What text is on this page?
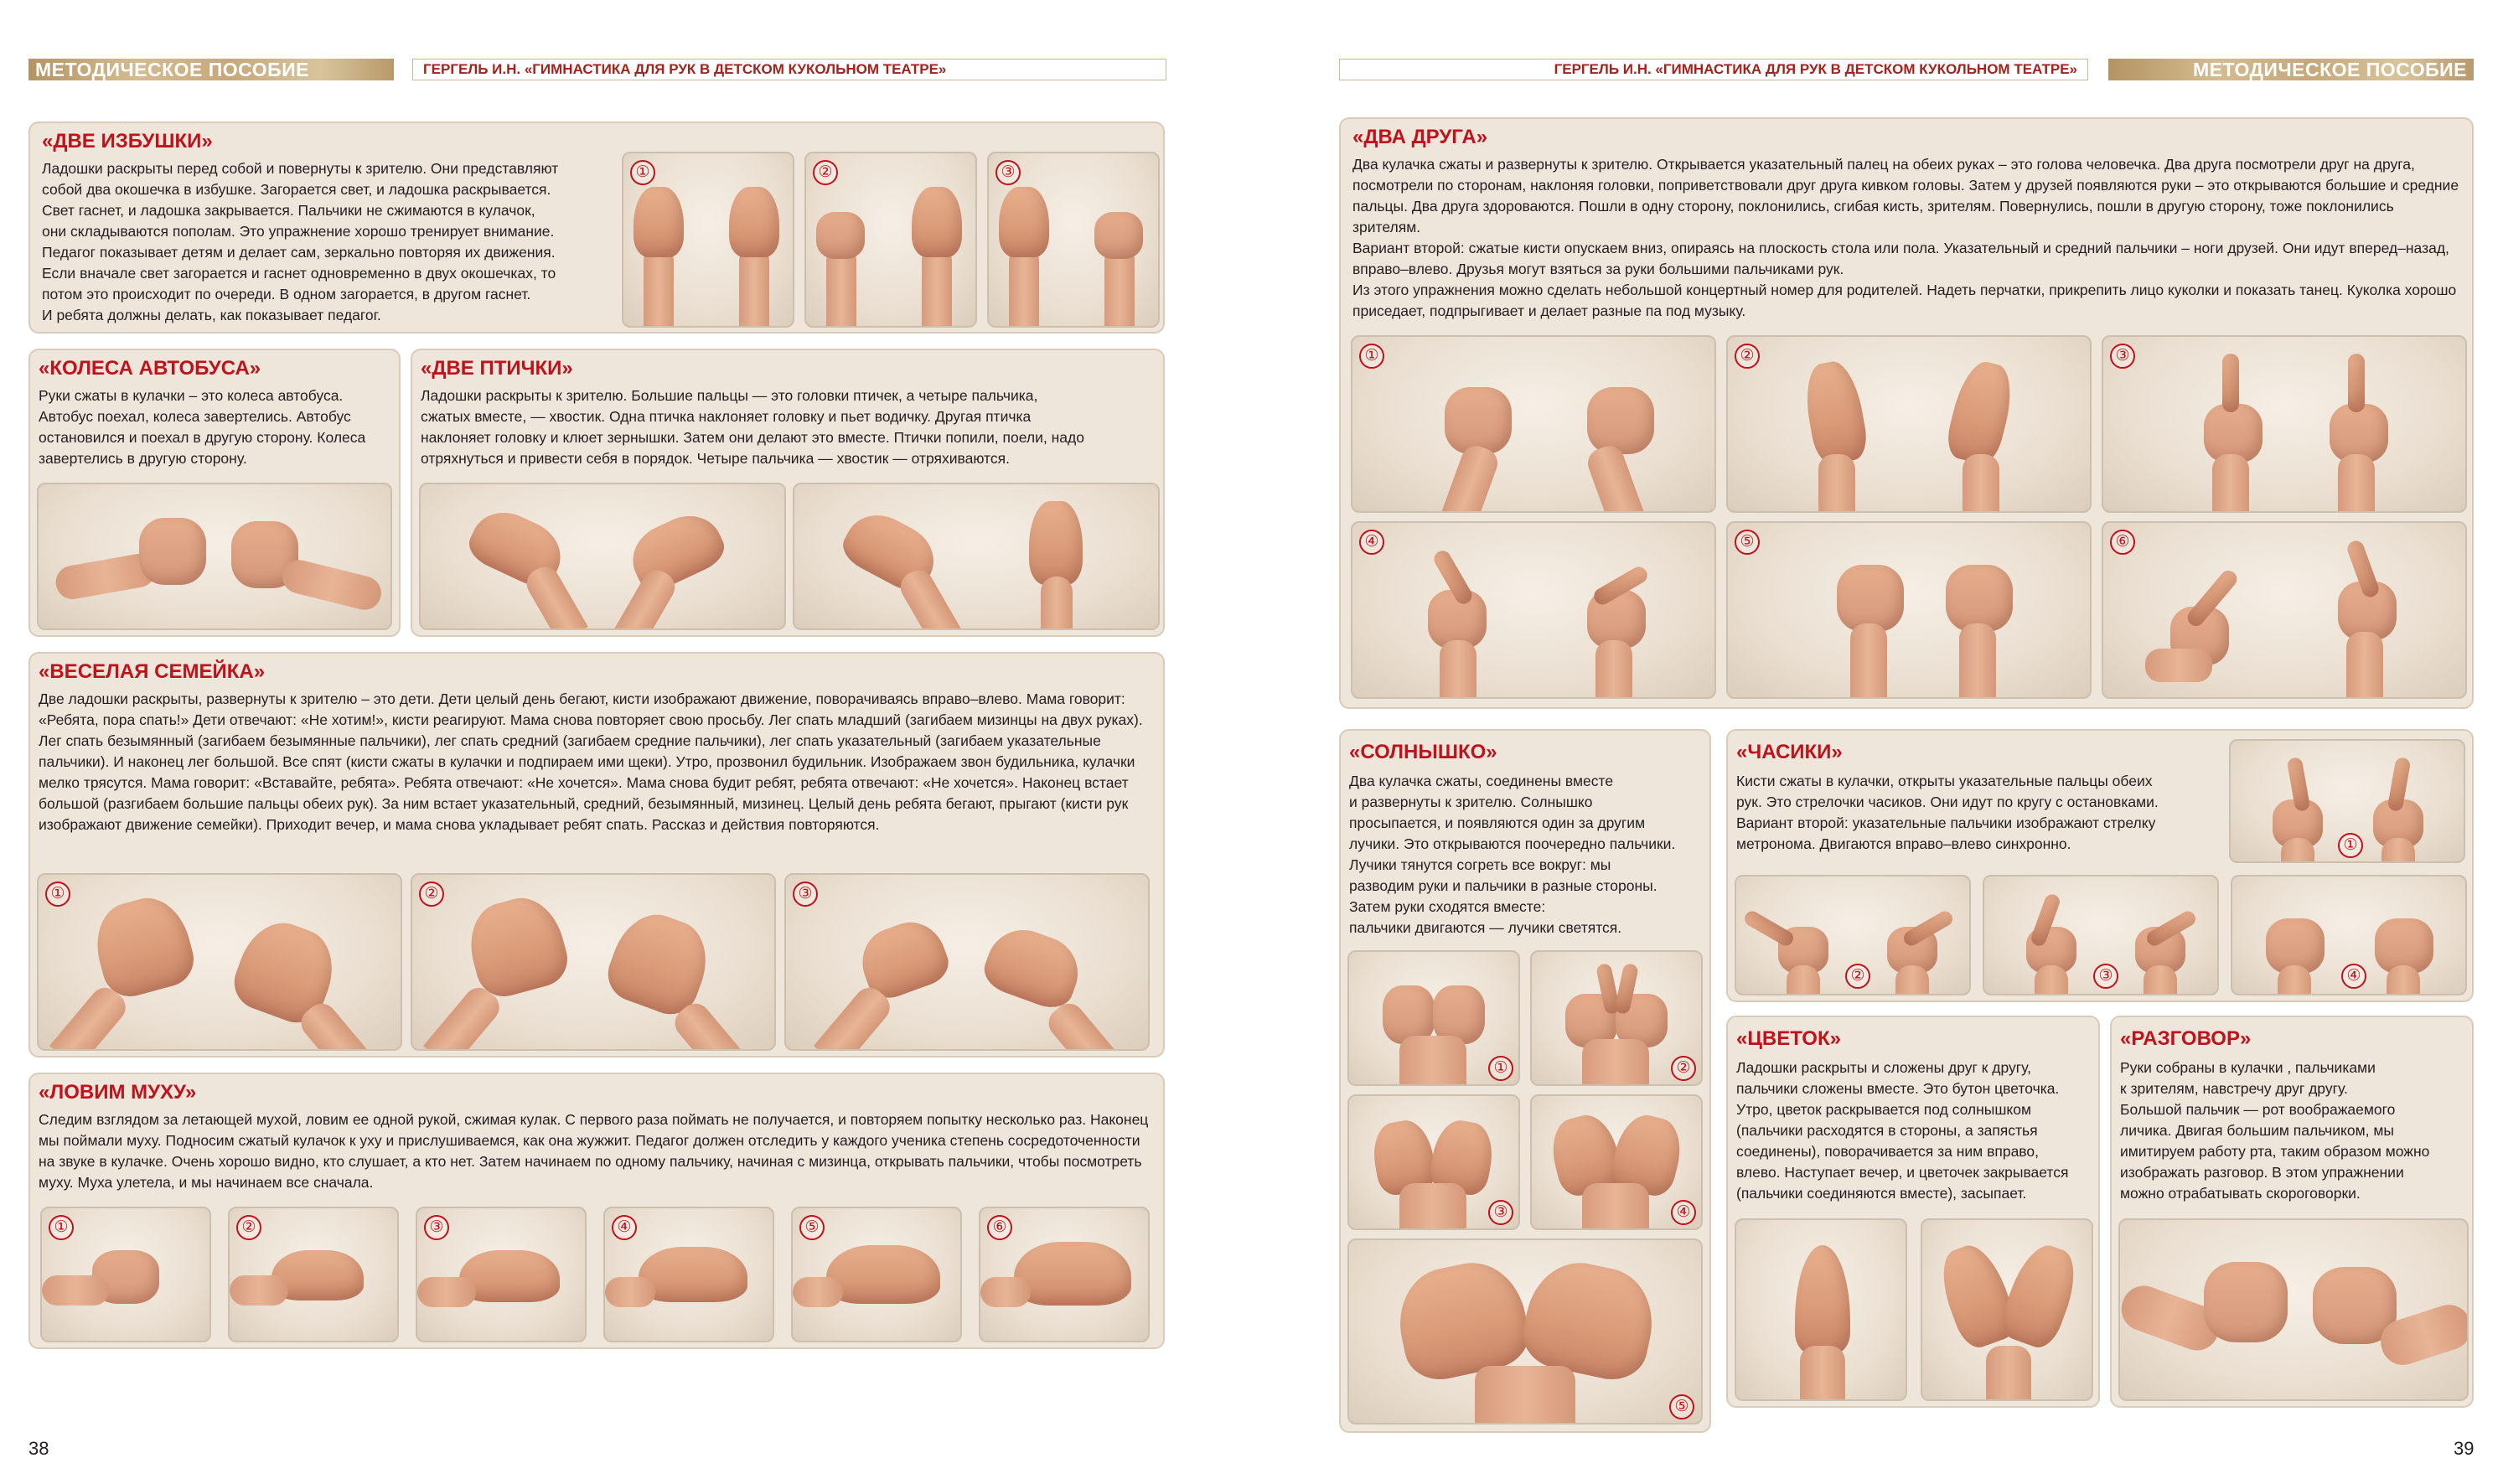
МЕТОДИЧЕСКОЕ ПОСОБИЕ	ГЕРГЕЛЬ И.Н. «ГИМНАСТИКА ДЛЯ РУК В ДЕТСКОМ КУКОЛЬНОМ ТЕАТРЕ»
«ДВЕ ИЗБУШКИ»
Ладошки раскрыты перед собой и повернуты к зрителю. Они представляют
собой два окошечка в избушке. Загорается свет, и ладошка раскрывается.
Свет гаснет, и ладошка закрывается. Пальчики не сжимаются в кулачок,
они складываются пополам. Это упражнение хорошо тренирует внимание.
Педагог показывает детям и делает сам, зеркально повторяя их движения.
Если вначале свет загорается и гаснет одновременно в двух окошечках, то
потом это происходит по очереди. В одном загорается, в другом гаснет.
И ребята должны делать, как показывает педагог.
①	②	③
«КОЛЕСА АВТОБУСА»
Руки сжаты в кулачки – это колеса автобуса.
Автобус поехал, колеса завертелись. Автобус
остановился и поехал в другую сторону. Колеса
завертелись в другую сторону.
«ДВЕ ПТИЧКИ»
Ладошки раскрыты к зрителю. Большие пальцы — это головки птичек, а четыре пальчика,
сжатых вместе, — хвостик. Одна птичка наклоняет головку и пьет водичку. Другая птичка
наклоняет головку и клюет зернышки. Затем они делают это вместе. Птички попили, поели, надо
отряхнуться и привести себя в порядок. Четыре пальчика — хвостик — отряхиваются.
«ВЕСЕЛАЯ СЕМЕЙКА»
Две ладошки раскрыты, развернуты к зрителю – это дети. Дети целый день бегают, кисти изображают движение, поворачиваясь вправо–влево. Мама говорит: «Ребята, пора спать!» Дети отвечают: «Не хотим!», кисти реагируют. Мама снова повторяет свою просьбу. Лег спать младший (загибаем мизинцы на двух руках). Лег спать безымянный (загибаем безымянные пальчики), лег спать средний (загибаем средние пальчики), лег спать указательный (загибаем указательные пальчики). И наконец лег большой. Все спят (кисти сжаты в кулачки и подпираем ими щеки). Утро, прозвонил будильник. Изображаем звон будильника, кулачки мелко трясутся. Мама говорит: «Вставайте, ребята». Ребята отвечают: «Не хочется». Мама снова будит ребят, ребята отвечают: «Не хочется». Наконец встает большой (разгибаем большие пальцы обеих рук). За ним встает указательный, средний, безымянный, мизинец. Целый день ребята бегают, прыгают (кисти рук изображают движение семейки). Приходит вечер, и мама снова укладывает ребят спать. Рассказ и действия повторяются.
①	②	③
«ЛОВИМ МУХУ»
Следим взглядом за летающей мухой, ловим ее одной рукой, сжимая кулак. С первого раза поймать не получается, и повторяем попытку несколько раз. Наконец мы поймали муху. Подносим сжатый кулачок к уху и прислушиваемся, как она жужжит. Педагог должен отследить у каждого ученика степень сосредоточенности на звуке в кулачке. Очень хорошо видно, кто слушает, а кто нет. Затем начинаем по одному пальчику, начиная с мизинца, открывать пальчики, чтобы посмотреть муху. Муха улетела, и мы начинаем все сначала.
①	②	③	④	⑤	⑥
38
ГЕРГЕЛЬ И.Н. «ГИМНАСТИКА ДЛЯ РУК В ДЕТСКОМ КУКОЛЬНОМ ТЕАТРЕ»	МЕТОДИЧЕСКОЕ ПОСОБИЕ
«ДВА ДРУГА»
Два кулачка сжаты и развернуты к зрителю. Открывается указательный палец на обеих руках – это голова человечка. Два друга посмотрели друг на друга, посмотрели по сторонам, наклоняя головки, поприветствовали друг друга кивком головы. Затем у друзей появляются руки – это открываются большие и средние пальцы. Два друга здороваются. Пошли в одну сторону, поклонились, сгибая кисть, зрителям. Повернулись, пошли в другую сторону, тоже поклонились зрителям.
Вариант второй: сжатые кисти опускаем вниз, опираясь на плоскость стола или пола. Указательный и средний пальчики – ноги друзей. Они идут вперед–назад, вправо–влево. Друзья могут взяться за руки большими пальчиками рук.
Из этого упражнения можно сделать небольшой концертный номер для родителей. Надеть перчатки, прикрепить лицо куколки и показать танец. Куколка хорошо приседает, подпрыгивает и делает разные па под музыку.
①	②	③
④	⑤	⑥
«СОЛНЫШКО»
Два кулачка сжаты, соединены вместе
и развернуты к зрителю. Солнышко
просыпается, и появляются один за другим
лучики. Это открываются поочередно пальчики.
Лучики тянутся согреть все вокруг: мы
разводим руки и пальчики в разные стороны.
Затем руки сходятся вместе:
пальчики двигаются — лучики светятся.
①	②
③	④
⑤
«ЧАСИКИ»
Кисти сжаты в кулачки, открыты указательные пальцы обеих
рук. Это стрелочки часиков. Они идут по кругу с остановками.
Вариант второй: указательные пальчики изображают стрелку
метронома. Двигаются вправо–влево синхронно.	①
②	③	④
«ЦВЕТОК»
Ладошки раскрыты и сложены друг к другу,
пальчики сложены вместе. Это бутон цветочка.
Утро, цветок раскрывается под солнышком
(пальчики расходятся в стороны, а запястья
соединены), поворачивается за ним вправо,
влево. Наступает вечер, и цветочек закрывается
(пальчики соединяются вместе), засыпает.
«РАЗГОВОР»
Руки собраны в кулачки , пальчиками
к зрителям, навстречу друг другу.
Большой пальчик — рот воображаемого
личика. Двигая большим пальчиком, мы
имитируем работу рта, таким образом можно
изображать разговор. В этом упражнении
можно отрабатывать скороговорки.
39
